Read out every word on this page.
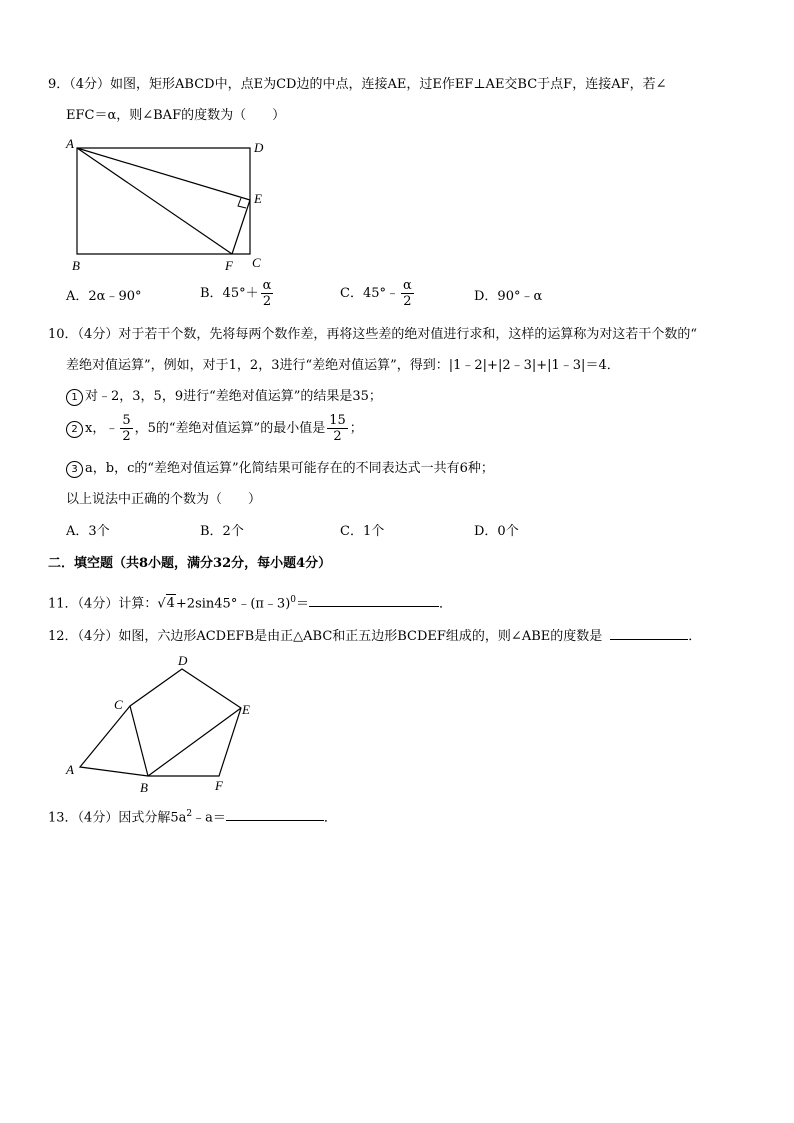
9．（4分）如图，矩形ABCD中，点E为CD边的中点，连接AE，过E作EF⊥AE交BC于点F，连接AF，若∠
EFC＝α，则∠BAF的度数为（　　）
A	D
E
B	F C
A．2α﹣90°	B．$45^\circ+ \frac{\alpha}{2}$	C．45°﹣ $\frac{\alpha}{2}$	D．90°﹣α
10．（4分）对于若干个数，先将每两个数作差，再将这些差的绝对值进行求和，这样的运算称为对这若干个数的“
差绝对值运算”，例如，对于1，2，3进行“差绝对值运算”，得到：|1﹣2|+|2﹣3|+|1﹣3|＝4．
1 对﹣2，3，5，9进行“差绝对值运算”的结果是35；
2 x，﹣ $\frac{5}{2}$ ，5的“差绝对值运算”的最小值是 $\frac{15}{2}$ ；
3 a，b，c的“差绝对值运算”化简结果可能存在的不同表达式一共有6种；
以上说法中正确的个数为（　　）
A．3个	B．2个	C．1个	D．0个
二．填空题（共8小题，满分32分，每小题4分）
11．（4分）计算：√4+2sin45°﹣(π﹣3)$^0$＝	．
12．（4分）如图，六边形ACDEFB是由正△ABC和正五边形BCDEF组成的，则∠ABE的度数是	．
D
C	E
A
B	F
13．（4分）因式分解$5a^2﹣a=$	．
